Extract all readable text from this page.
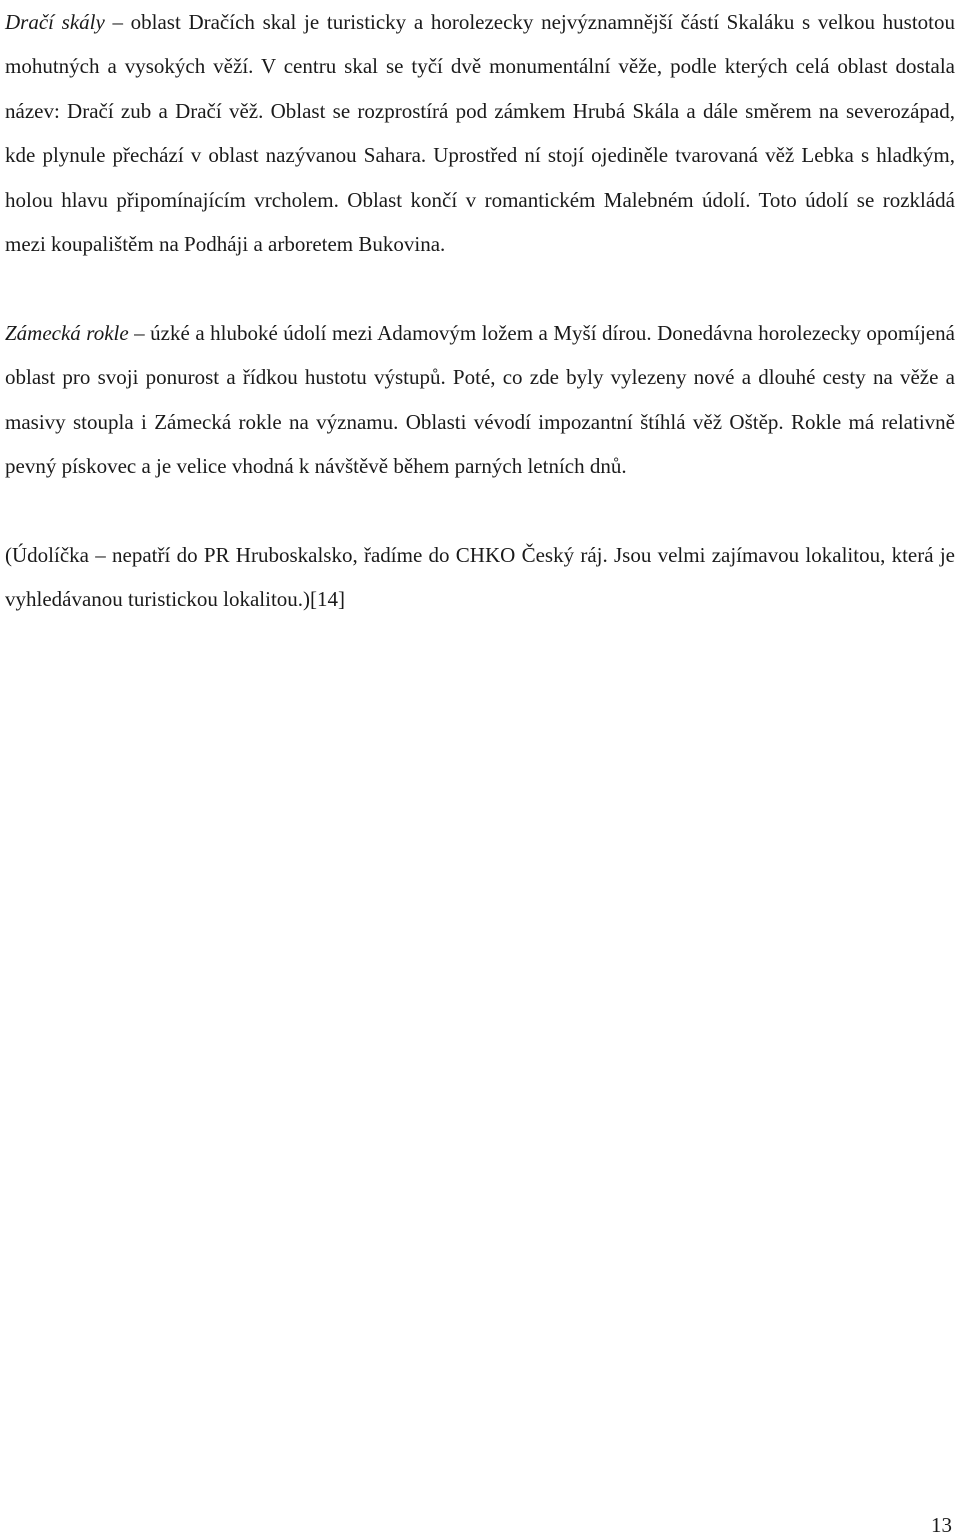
Dračí skály – oblast Dračích skal je turisticky a horolezecky nejvýznamnější částí Skaláku s velkou hustotou mohutných a vysokých věží. V centru skal se tyčí dvě monumentální věže, podle kterých celá oblast dostala název: Dračí zub a Dračí věž. Oblast se rozprostírá pod zámkem Hrubá Skála a dále směrem na severozápad, kde plynule přechází v oblast nazývanou Sahara. Uprostřed ní stojí ojediněle tvarovaná věž Lebka s hladkým, holou hlavu připomínajícím vrcholem. Oblast končí v romantickém Malebném údolí. Toto údolí se rozkládá mezi koupalištěm na Podháji a arboretem Bukovina.

Zámecká rokle – úzké a hluboké údolí mezi Adamovým ložem a Myší dírou. Donedávna horolezecky opomíjená oblast pro svoji ponurost a řídkou hustotu výstupů. Poté, co zde byly vylezeny nové a dlouhé cesty na věže a masivy stoupla i Zámecká rokle na významu. Oblasti vévodí impozantní štíhlá věž Oštěp. Rokle má relativně pevný pískovec a je velice vhodná k návštěvě během parných letních dnů.

(Údolíčka – nepatří do PR Hruboskalsko, řadíme do CHKO Český ráj. Jsou velmi zajímavou lokalitou, která je vyhledávanou turistickou lokalitou.)[14]

13
